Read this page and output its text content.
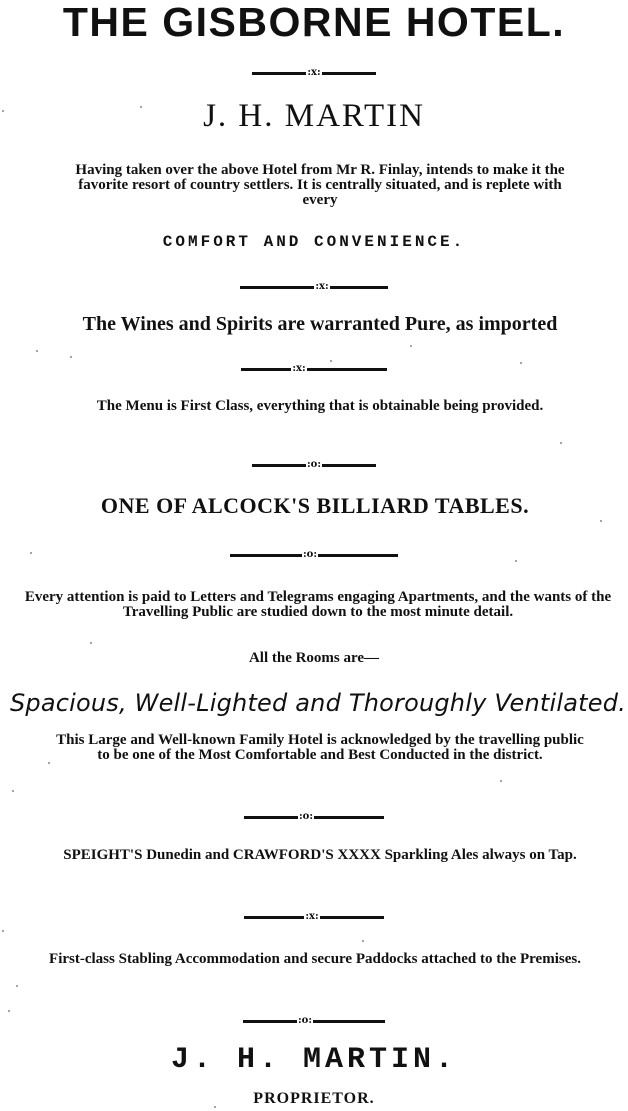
THE GISBORNE HOTEL.
:x:
J. H. MARTIN
Having taken over the above Hotel from Mr R. Finlay, intends to make it the favorite resort of country settlers. It is centrally situated, and is replete with every
COMFORT AND CONVENIENCE.
:x:
The Wines and Spirits are warranted Pure, as imported
:x:
The Menu is First Class, everything that is obtainable being provided.
:o:
ONE OF ALCOCK'S BILLIARD TABLES.
:o:
Every attention is paid to Letters and Telegrams engaging Apartments, and the wants of the Travelling Public are studied down to the most minute detail.
All the Rooms are—
Spacious, Well-Lighted and Thoroughly Ventilated.
This Large and Well-known Family Hotel is acknowledged by the travelling public to be one of the Most Comfortable and Best Conducted in the district.
:o:
SPEIGHT'S Dunedin and CRAWFORD'S XXXX Sparkling Ales always on Tap.
:x:
First-class Stabling Accommodation and secure Paddocks attached to the Premises.
:o:
J. H. MARTIN.
PROPRIETOR.
